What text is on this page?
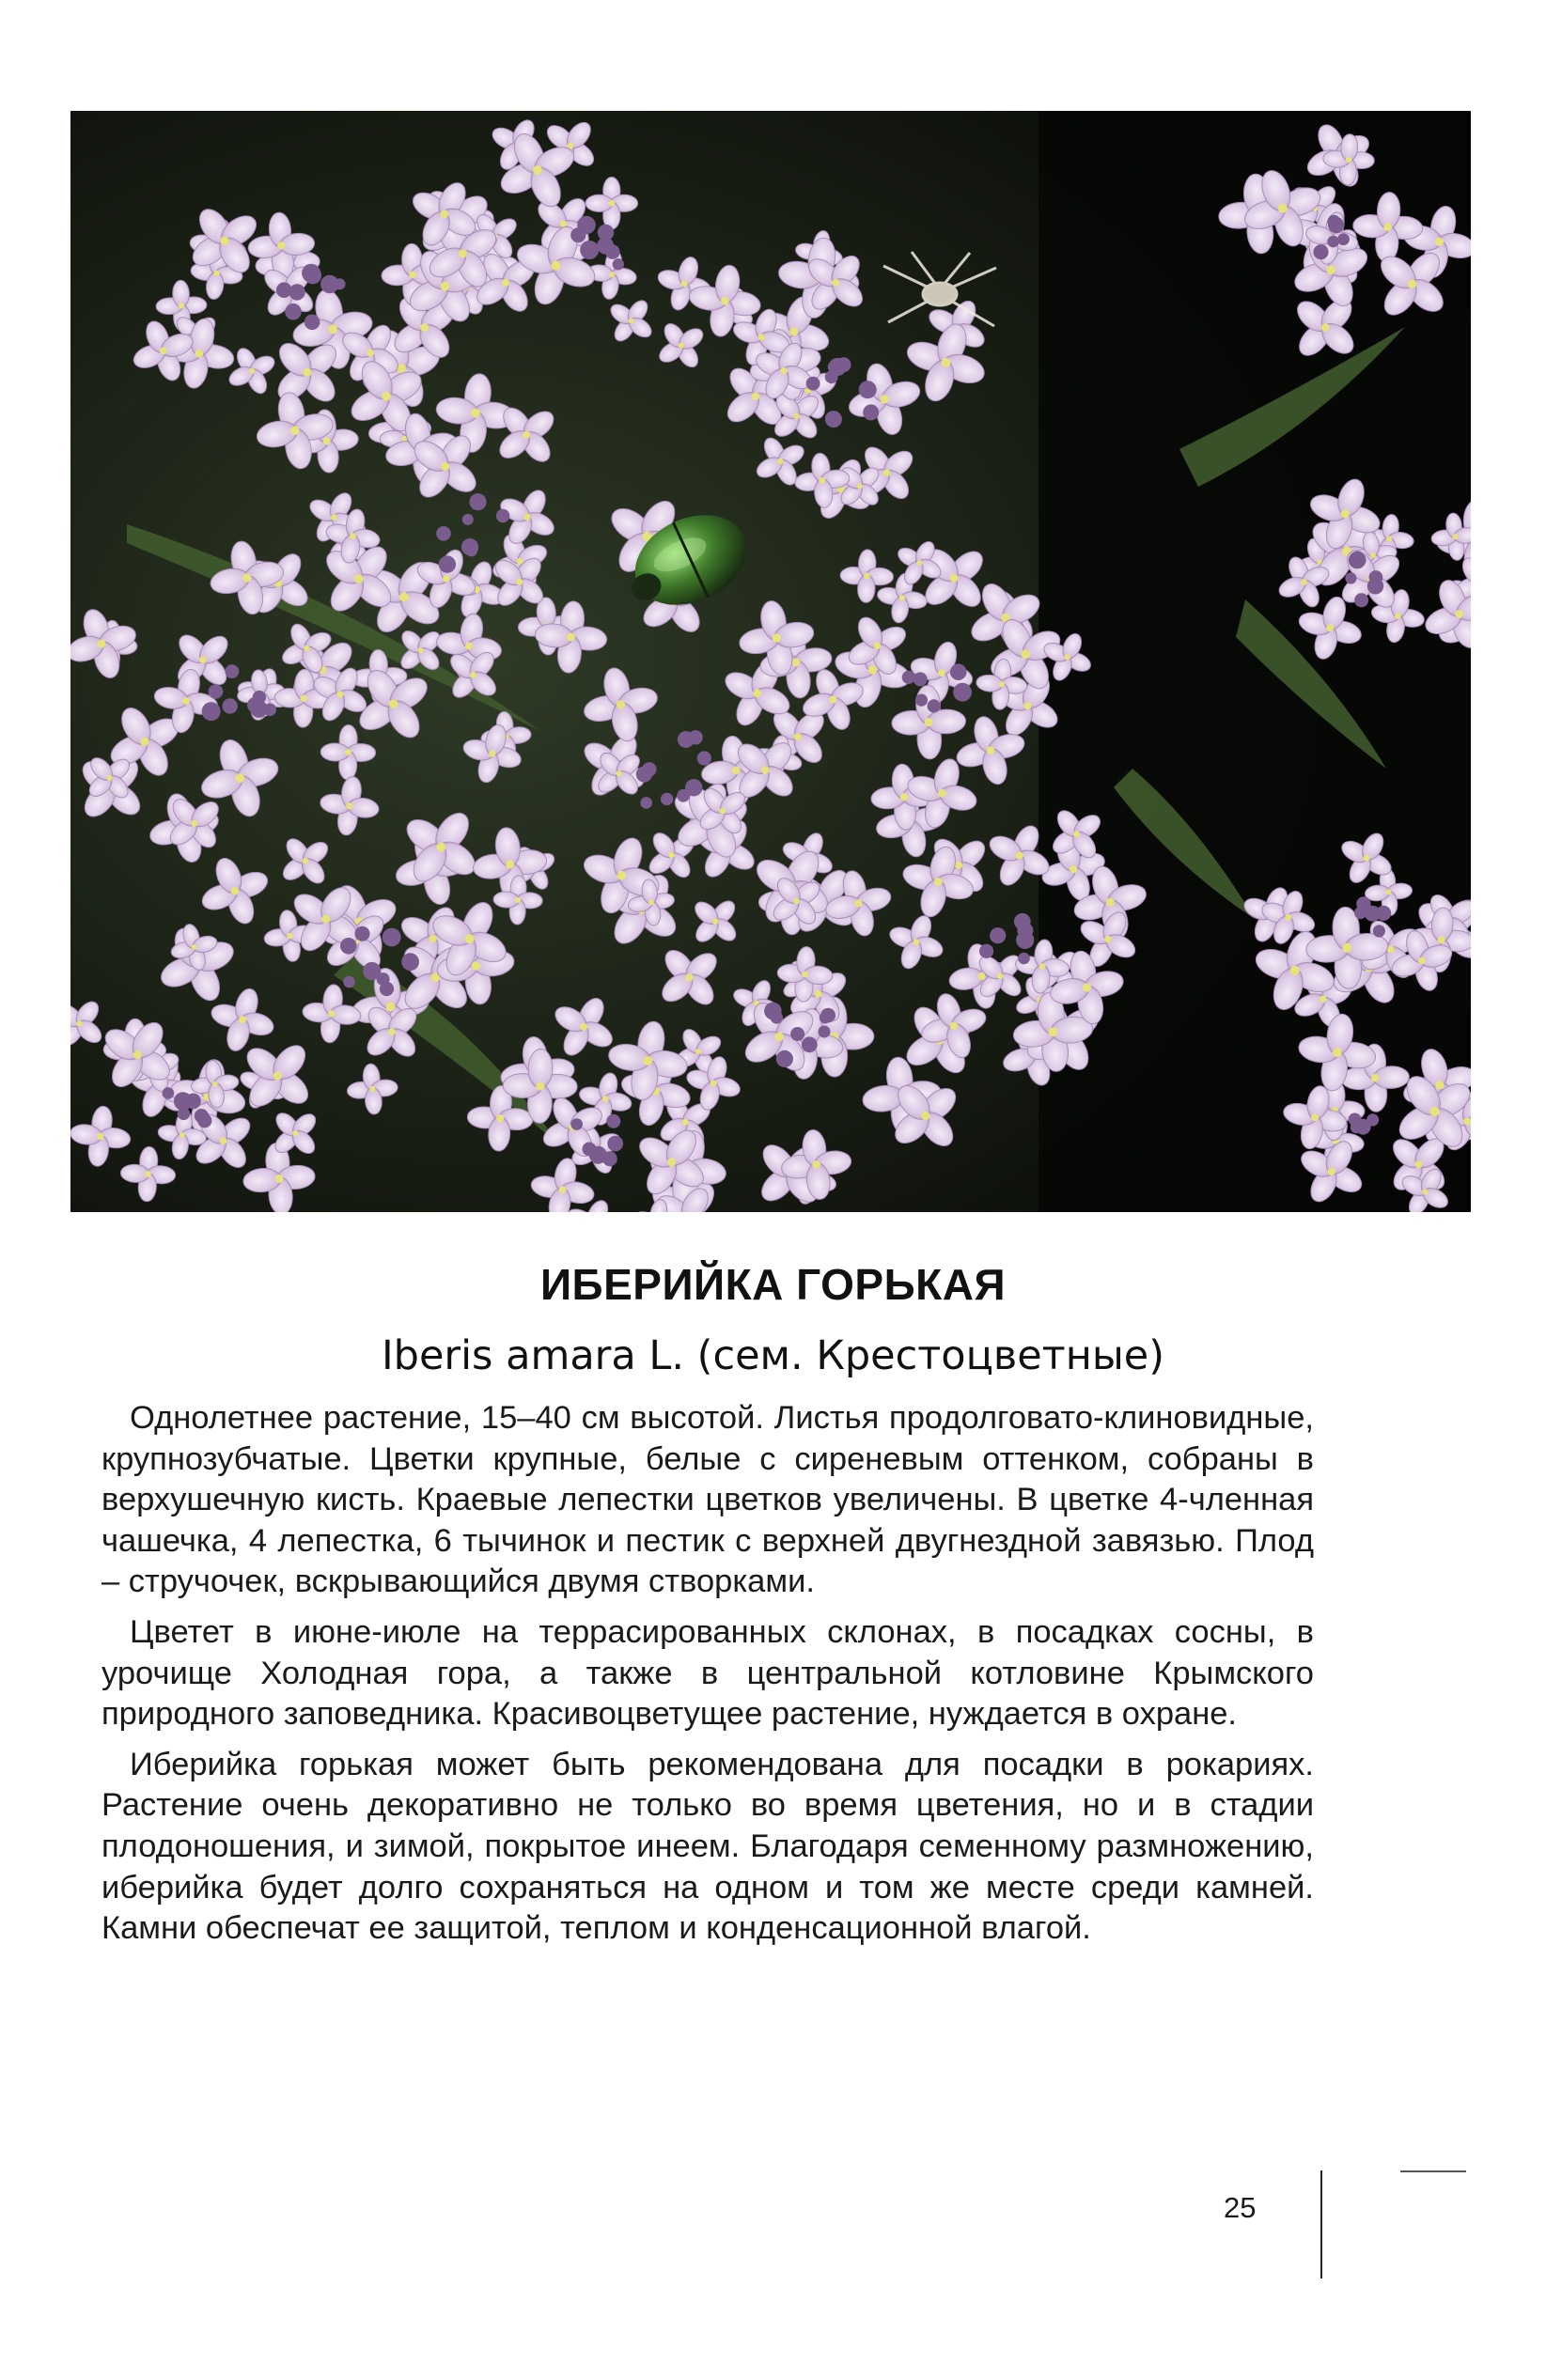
ИБЕРИЙКА ГОРЬКАЯ
Iberis amara L. (сем. Крестоцветные)

Однолетнее растение, 15–40 см высотой. Листья продолговато-клиновидные, крупнозубчатые. Цветки крупные, белые с сиреневым оттенком, собраны в верхушечную кисть. Краевые лепестки цветков увеличены. В цветке 4-членная чашечка, 4 лепестка, 6 тычинок и пестик с верхней двугнездной завязью. Плод – стручочек, вскрывающийся двумя створками.

Цветет в июне-июле на террасированных склонах, в посадках сосны, в урочище Холодная гора, а также в центральной котловине Крымского природного заповедника. Красивоцветущее растение, нуждается в охране.

Иберийка горькая может быть рекомендована для посадки в рокариях. Растение очень декоративно не только во время цветения, но и в стадии плодоношения, и зимой, покрытое инеем. Благодаря семенному размножению, иберийка будет долго сохраняться на одном и том же месте среди камней. Камни обеспечат ее защитой, теплом и конденсационной влагой.

25
